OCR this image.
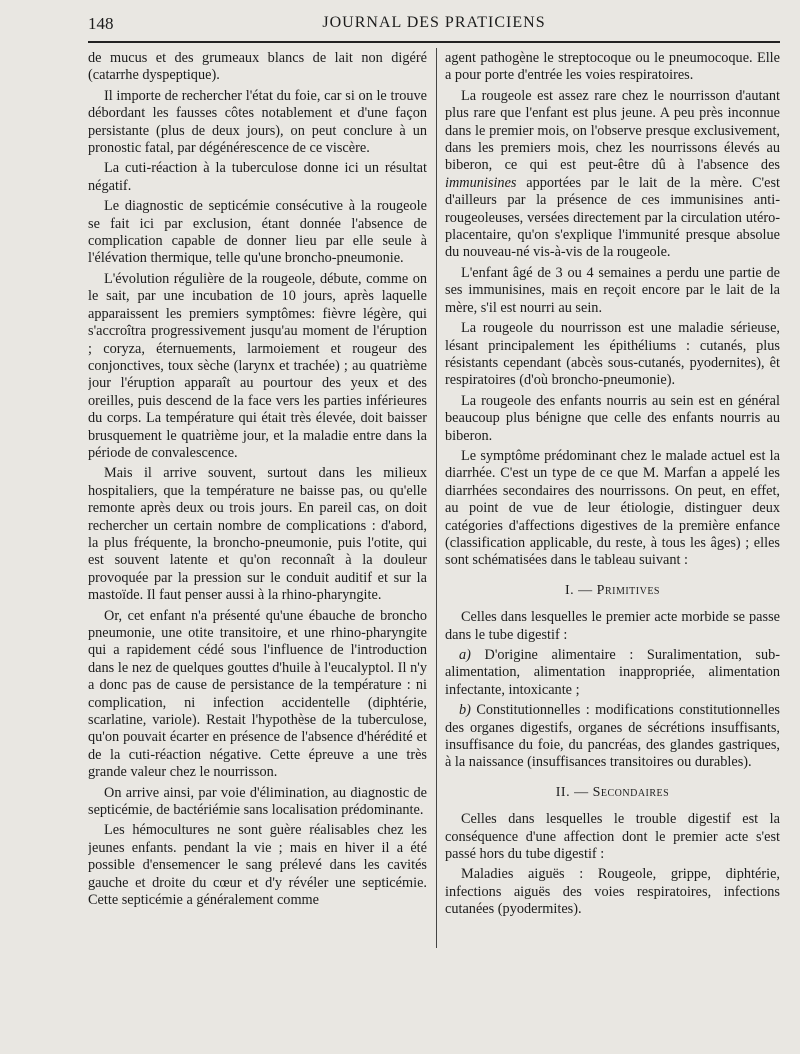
148	JOURNAL DES PRATICIENS

de mucus et des grumeaux blancs de lait non digéré (catarrhe dyspeptique).

Il importe de rechercher l'état du foie, car si on le trouve débordant les fausses côtes notablement et d'une façon persistante (plus de deux jours), on peut conclure à un pronostic fatal, par dégénérescence de ce viscère.

La cuti-réaction à la tuberculose donne ici un résultat négatif.

Le diagnostic de septicémie consécutive à la rougeole se fait ici par exclusion, étant donnée l'absence de complication capable de donner lieu par elle seule à l'élévation thermique, telle qu'une broncho-pneumonie.

L'évolution régulière de la rougeole, débute, comme on le sait, par une incubation de 10 jours, après laquelle apparaissent les premiers symptômes: fièvre légère, qui s'accroîtra progressivement jusqu'au moment de l'éruption ; coryza, éternuements, larmoiement et rougeur des conjonctives, toux sèche (larynx et trachée) ; au quatrième jour l'éruption apparaît au pourtour des yeux et des oreilles, puis descend de la face vers les parties inférieures du corps. La température qui était très élevée, doit baisser brusquement le quatrième jour, et la maladie entre dans la période de convalescence.

Mais il arrive souvent, surtout dans les milieux hospitaliers, que la température ne baisse pas, ou qu'elle remonte après deux ou trois jours. En pareil cas, on doit rechercher un certain nombre de complications : d'abord, la plus fréquente, la broncho-pneumonie, puis l'otite, qui est souvent latente et qu'on reconnaît à la douleur provoquée par la pression sur le conduit auditif et sur la mastoïde. Il faut penser aussi à la rhino-pharyngite.

Or, cet enfant n'a présenté qu'une ébauche de broncho pneumonie, une otite transitoire, et une rhino-pharyngite qui a rapidement cédé sous l'influence de l'introduction dans le nez de quelques gouttes d'huile à l'eucalyptol. Il n'y a donc pas de cause de persistance de la température : ni complication, ni infection accidentelle (diphtérie, scarlatine, variole). Restait l'hypothèse de la tuberculose, qu'on pouvait écarter en présence de l'absence d'hérédité et de la cuti-réaction négative. Cette épreuve a une très grande valeur chez le nourrisson.

On arrive ainsi, par voie d'élimination, au diagnostic de septicémie, de bactériémie sans localisation prédominante.

Les hémocultures ne sont guère réalisables chez les jeunes enfants. pendant la vie ; mais en hiver il a été possible d'ensemencer le sang prélevé dans les cavités gauche et droite du cœur et d'y révéler une septicémie. Cette septicémie a généralement comme

agent pathogène le streptocoque ou le pneumocoque. Elle a pour porte d'entrée les voies respiratoires.

La rougeole est assez rare chez le nourrisson d'autant plus rare que l'enfant est plus jeune. A peu près inconnue dans le premier mois, on l'observe presque exclusivement, dans les premiers mois, chez les nourrissons élevés au biberon, ce qui est peut-être dû à l'absence des immunisines apportées par le lait de la mère. C'est d'ailleurs par la présence de ces immunisines anti-rougeoleuses, versées directement par la circulation utéro-placentaire, qu'on s'explique l'immunité presque absolue du nouveau-né vis-à-vis de la rougeole.

L'enfant âgé de 3 ou 4 semaines a perdu une partie de ses immunisines, mais en reçoit encore par le lait de la mère, s'il est nourri au sein.

La rougeole du nourrisson est une maladie sérieuse, lésant principalement les épithéliums : cutanés, plus résistants cependant (abcès sous-cutanés, pyodernites), êt respiratoires (d'où broncho-pneumonie).

La rougeole des enfants nourris au sein est en général beaucoup plus bénigne que celle des enfants nourris au biberon.

Le symptôme prédominant chez le malade actuel est la diarrhée. C'est un type de ce que M. Marfan a appelé les diarrhées secondaires des nourrissons. On peut, en effet, au point de vue de leur étiologie, distinguer deux catégories d'affections digestives de la première enfance (classification applicable, du reste, à tous les âges) ; elles sont schématisées dans le tableau suivant :

I. — Primitives

Celles dans lesquelles le premier acte morbide se passe dans le tube digestif :

a) D'origine alimentaire : Suralimentation, sub-alimentation, alimentation inappropriée, alimentation infectante, intoxicante ;

b) Constitutionnelles : modifications constitutionnelles des organes digestifs, organes de sécrétions insuffisants, insuffisance du foie, du pancréas, des glandes gastriques, à la naissance (insuffisances transitoires ou durables).

II. — Secondaires

Celles dans lesquelles le trouble digestif est la conséquence d'une affection dont le premier acte s'est passé hors du tube digestif :

Maladies aiguës : Rougeole, grippe, diphtérie, infections aiguës des voies respiratoires, infections cutanées (pyodermites).
